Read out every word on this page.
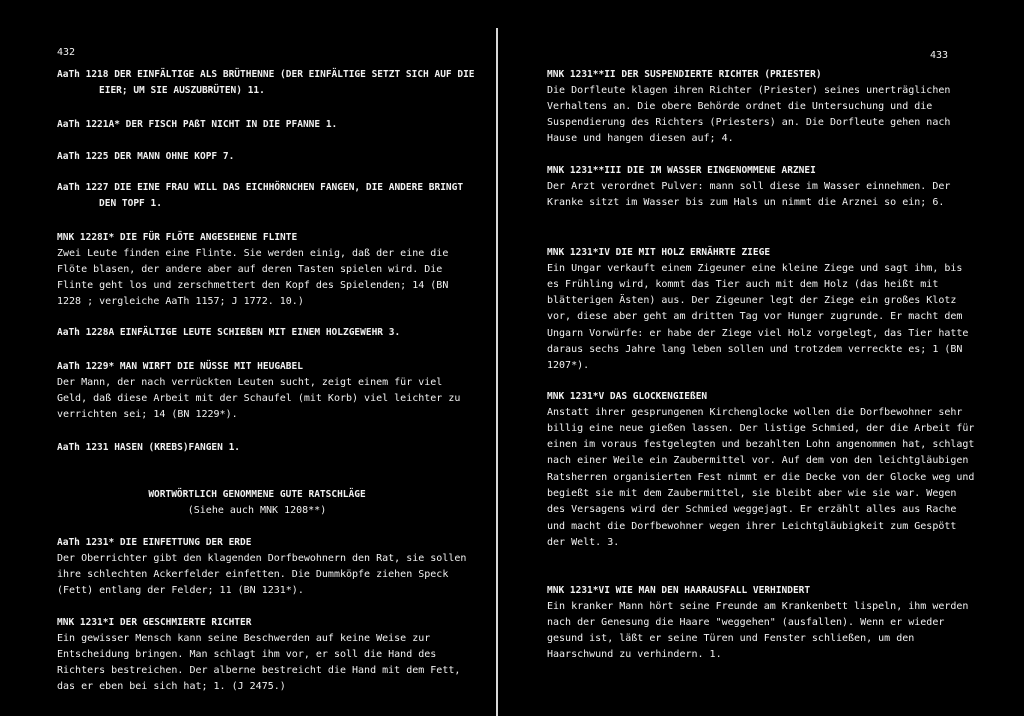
432
AaTh 1218 DER EINFÄLTIGE ALS BRÜTHENNE (DER EINFÄLTIGE SETZT SICH AUF DIE EIER; UM SIE AUSZUBRÜTEN) 11.
AaTh 1221A* DER FISCH PAßT NICHT IN DIE PFANNE 1.
AaTh 1225 DER MANN OHNE KOPF 7.
AaTh 1227 DIE EINE FRAU WILL DAS EICHHÖRNCHEN FANGEN, DIE ANDERE BRINGT DEN TOPF 1.
MNK 1228I* DIE FÜR FLÖTE ANGESEHENE FLINTE
Zwei Leute finden eine Flinte. Sie werden einig, daß der eine die Flöte blasen, der andere aber auf deren Tasten spielen wird. Die Flinte geht los und zerschmettert den Kopf des Spielenden; 14 (BN 1228 ; vergleiche AaTh 1157; J 1772. 10.)
AaTh 1228A EINFÄLTIGE LEUTE SCHIEßEN MIT EINEM HOLZGEWEHR 3.
AaTh 1229* MAN WIRFT DIE NÜSSE MIT HEUGABEL
Der Mann, der nach verrückten Leuten sucht, zeigt einem für viel Geld, daß diese Arbeit mit der Schaufel (mit Korb) viel leichter zu verrichten sei; 14 (BN 1229*).
AaTh 1231 HASEN (KREBS)FANGEN 1.
WORTWÖRTLICH GENOMMENE GUTE RATSCHLÄGE
(Siehe auch MNK 1208**)
AaTh 1231* DIE EINFETTUNG DER ERDE
Der Oberrichter gibt den klagenden Dorfbewohnern den Rat, sie sollen ihre schlechten Ackerfelder einfetten. Die Dummköpfe ziehen Speck (Fett) entlang der Felder; 11 (BN 1231*).
MNK 1231*I DER GESCHMIERTE RICHTER
Ein gewisser Mensch kann seine Beschwerden auf keine Weise zur Entscheidung bringen. Man schlagt ihm vor, er soll die Hand des Richters bestreichen. Der alberne bestreicht die Hand mit dem Fett, das er eben bei sich hat; 1. (J 2475.)
433
MNK 1231**II DER SUSPENDIERTE RICHTER (PRIESTER)
Die Dorfleute klagen ihren Richter (Priester) seines unerträglichen Verhaltens an. Die obere Behörde ordnet die Untersuchung und die Suspendierung des Richters (Priesters) an. Die Dorfleute gehen nach Hause und hangen diesen auf; 4.
MNK 1231**III DIE IM WASSER EINGENOMMENE ARZNEI
Der Arzt verordnet Pulver: mann soll diese im Wasser einnehmen. Der Kranke sitzt im Wasser bis zum Hals un nimmt die Arznei so ein; 6.
MNK 1231*IV DIE MIT HOLZ ERNÄHRTE ZIEGE
Ein Ungar verkauft einem Zigeuner eine kleine Ziege und sagt ihm, bis es Frühling wird, kommt das Tier auch mit dem Holz (das heißt mit blätterigen Ästen) aus. Der Zigeuner legt der Ziege ein großes Klotz vor, diese aber geht am dritten Tag vor Hunger zugrunde. Er macht dem Ungarn Vorwürfe: er habe der Ziege viel Holz vorgelegt, das Tier hatte daraus sechs Jahre lang leben sollen und trotzdem verreckte es; 1 (BN 1207*).
MNK 1231*V DAS GLOCKENGIEßEN
Anstatt ihrer gesprungenen Kirchenglocke wollen die Dorfbewohner sehr billig eine neue gießen lassen. Der listige Schmied, der die Arbeit für einen im voraus festgelegten und bezahlten Lohn angenommen hat, schlagt nach einer Weile ein Zaubermittel vor. Auf dem von den leichtgläubigen Ratsherren organisierten Fest nimmt er die Decke von der Glocke weg und begießt sie mit dem Zaubermittel, sie bleibt aber wie sie war. Wegen des Versagens wird der Schmied weggejagt. Er erzählt alles aus Rache und macht die Dorfbewohner wegen ihrer Leichtgläubigkeit zum Gespött der Welt. 3.
MNK 1231*VI WIE MAN DEN HAARAUSFALL VERHINDERT
Ein kranker Mann hört seine Freunde am Krankenbett lispeln, ihm werden nach der Genesung die Haare "weggehen" (ausfallen). Wenn er wieder gesund ist, läßt er seine Türen und Fenster schließen, um den Haarschwund zu verhindern. 1.
